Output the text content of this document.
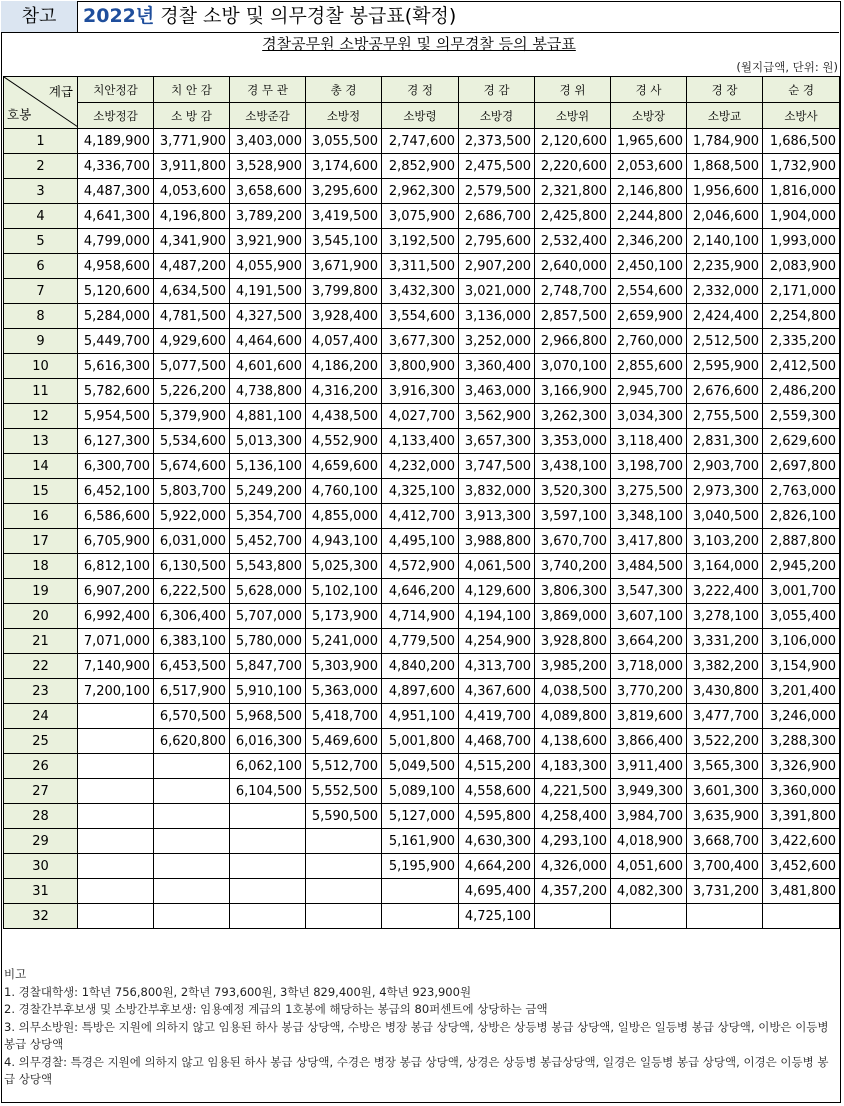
참고	2022년 경찰 소방 및 의무경찰 봉급표(확정)
경찰공무원 소방공무원 및 의무경찰 등의 봉급표
(월지급액, 단위: 원)
계급
호봉	치안정감	치 안 감	경 무 관	총 경	경 정	경 감	경 위	경 사	경 장	순 경
	소방정감	소 방 감	소방준감	소방정	소방령	소방경	소방위	소방장	소방교	소방사
1	4,189,900	3,771,900	3,403,000	3,055,500	2,747,600	2,373,500	2,120,600	1,965,600	1,784,900	1,686,500
2	4,336,700	3,911,800	3,528,900	3,174,600	2,852,900	2,475,500	2,220,600	2,053,600	1,868,500	1,732,900
3	4,487,300	4,053,600	3,658,600	3,295,600	2,962,300	2,579,500	2,321,800	2,146,800	1,956,600	1,816,000
4	4,641,300	4,196,800	3,789,200	3,419,500	3,075,900	2,686,700	2,425,800	2,244,800	2,046,600	1,904,000
5	4,799,000	4,341,900	3,921,900	3,545,100	3,192,500	2,795,600	2,532,400	2,346,200	2,140,100	1,993,000
6	4,958,600	4,487,200	4,055,900	3,671,900	3,311,500	2,907,200	2,640,000	2,450,100	2,235,900	2,083,900
7	5,120,600	4,634,500	4,191,500	3,799,800	3,432,300	3,021,000	2,748,700	2,554,600	2,332,000	2,171,000
8	5,284,000	4,781,500	4,327,500	3,928,400	3,554,600	3,136,000	2,857,500	2,659,900	2,424,400	2,254,800
9	5,449,700	4,929,600	4,464,600	4,057,400	3,677,300	3,252,000	2,966,800	2,760,000	2,512,500	2,335,200
10	5,616,300	5,077,500	4,601,600	4,186,200	3,800,900	3,360,400	3,070,100	2,855,600	2,595,900	2,412,500
11	5,782,600	5,226,200	4,738,800	4,316,200	3,916,300	3,463,000	3,166,900	2,945,700	2,676,600	2,486,200
12	5,954,500	5,379,900	4,881,100	4,438,500	4,027,700	3,562,900	3,262,300	3,034,300	2,755,500	2,559,300
13	6,127,300	5,534,600	5,013,300	4,552,900	4,133,400	3,657,300	3,353,000	3,118,400	2,831,300	2,629,600
14	6,300,700	5,674,600	5,136,100	4,659,600	4,232,000	3,747,500	3,438,100	3,198,700	2,903,700	2,697,800
15	6,452,100	5,803,700	5,249,200	4,760,100	4,325,100	3,832,000	3,520,300	3,275,500	2,973,300	2,763,000
16	6,586,600	5,922,000	5,354,700	4,855,000	4,412,700	3,913,300	3,597,100	3,348,100	3,040,500	2,826,100
17	6,705,900	6,031,000	5,452,700	4,943,100	4,495,100	3,988,800	3,670,700	3,417,800	3,103,200	2,887,800
18	6,812,100	6,130,500	5,543,800	5,025,300	4,572,900	4,061,500	3,740,200	3,484,500	3,164,000	2,945,200
19	6,907,200	6,222,500	5,628,000	5,102,100	4,646,200	4,129,600	3,806,300	3,547,300	3,222,400	3,001,700
20	6,992,400	6,306,400	5,707,000	5,173,900	4,714,900	4,194,100	3,869,000	3,607,100	3,278,100	3,055,400
21	7,071,000	6,383,100	5,780,000	5,241,000	4,779,500	4,254,900	3,928,800	3,664,200	3,331,200	3,106,000
22	7,140,900	6,453,500	5,847,700	5,303,900	4,840,200	4,313,700	3,985,200	3,718,000	3,382,200	3,154,900
23	7,200,100	6,517,900	5,910,100	5,363,000	4,897,600	4,367,600	4,038,500	3,770,200	3,430,800	3,201,400
24		6,570,500	5,968,500	5,418,700	4,951,100	4,419,700	4,089,800	3,819,600	3,477,700	3,246,000
25		6,620,800	6,016,300	5,469,600	5,001,800	4,468,700	4,138,600	3,866,400	3,522,200	3,288,300
26			6,062,100	5,512,700	5,049,500	4,515,200	4,183,300	3,911,400	3,565,300	3,326,900
27			6,104,500	5,552,500	5,089,100	4,558,600	4,221,500	3,949,300	3,601,300	3,360,000
28				5,590,500	5,127,000	4,595,800	4,258,400	3,984,700	3,635,900	3,391,800
29					5,161,900	4,630,300	4,293,100	4,018,900	3,668,700	3,422,600
30					5,195,900	4,664,200	4,326,000	4,051,600	3,700,400	3,452,600
31						4,695,400	4,357,200	4,082,300	3,731,200	3,481,800
32						4,725,100				
비고
1. 경찰대학생: 1학년 756,800원, 2학년 793,600원, 3학년 829,400원, 4학년 923,900원
2. 경찰간부후보생 및 소방간부후보생: 임용예정 계급의 1호봉에 해당하는 봉급의 80퍼센트에 상당하는 금액
3. 의무소방원: 특방은 지원에 의하지 않고 임용된 하사 봉급 상당액, 수방은 병장 봉급 상당액, 상방은 상등병 봉급 상당액, 일방은 일등병 봉급 상당액, 이방은 이등병 봉급 상당액
4. 의무경찰: 특경은 지원에 의하지 않고 임용된 하사 봉급 상당액, 수경은 병장 봉급 상당액, 상경은 상등병 봉급상당액, 일경은 일등병 봉급 상당액, 이경은 이등병 봉급 상당액
